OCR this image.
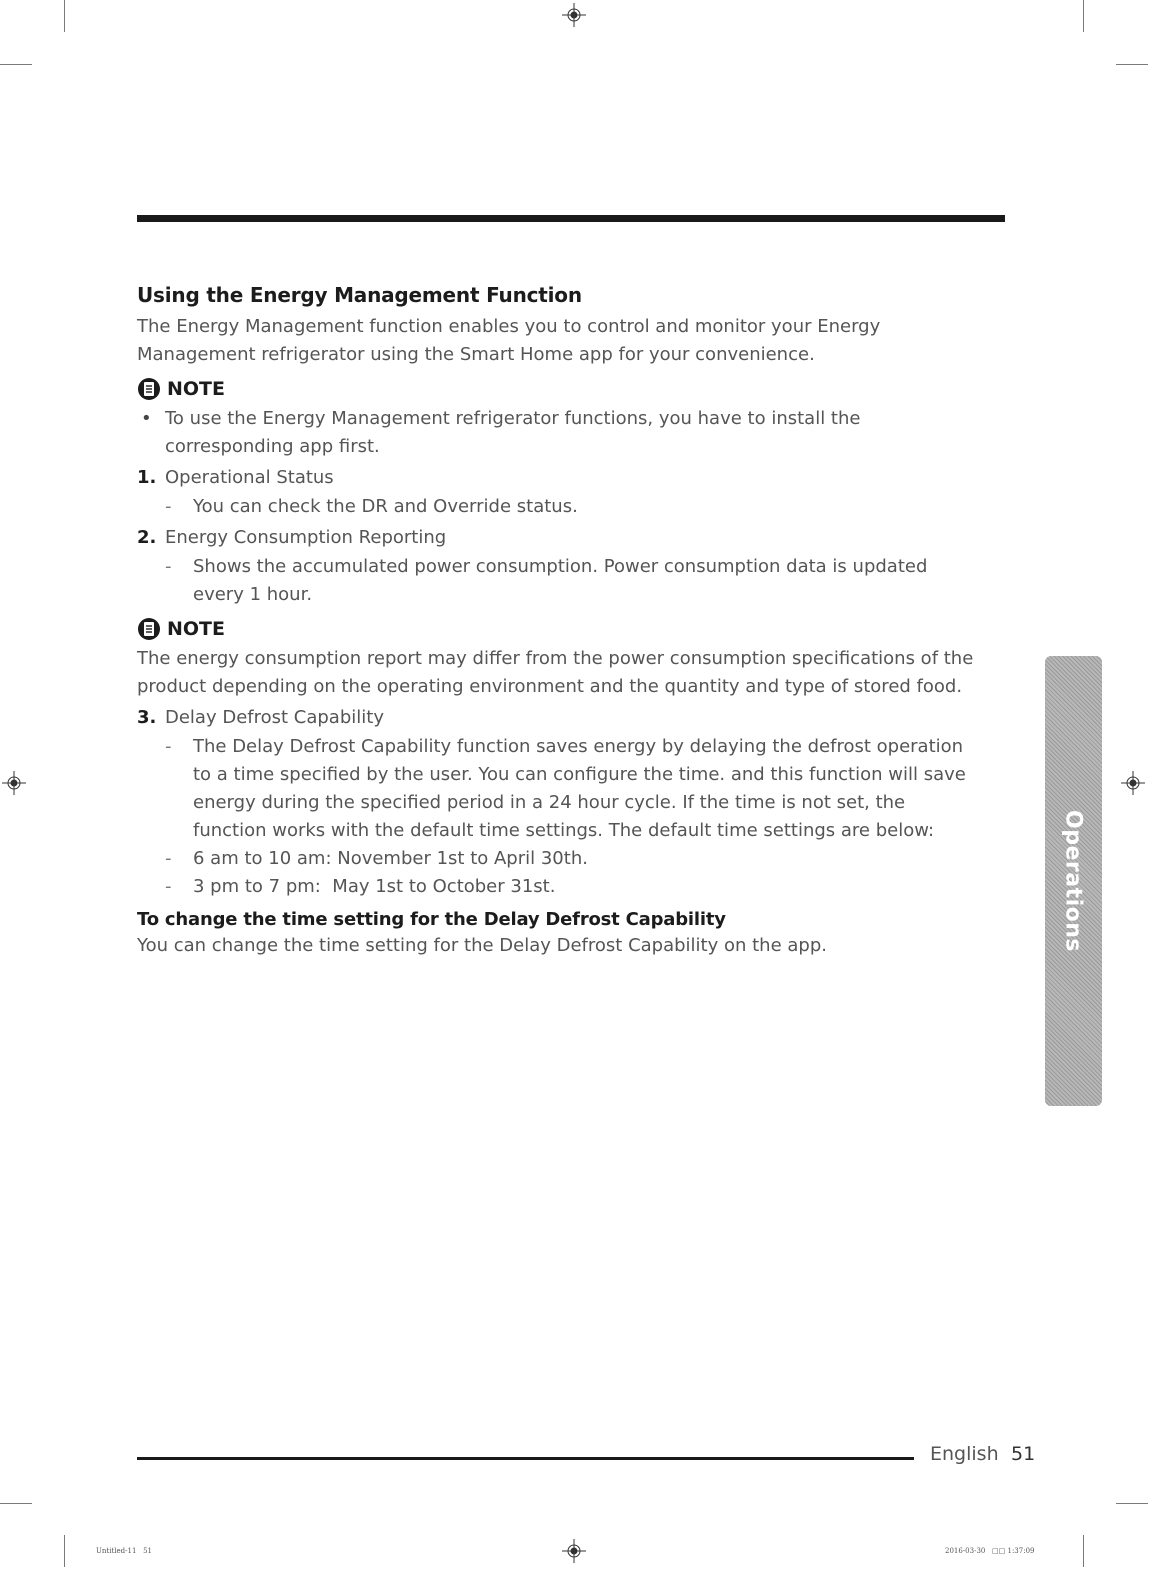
Using the Energy Management Function

The Energy Management function enables you to control and monitor your Energy Management refrigerator using the Smart Home app for your convenience.

NOTE
• To use the Energy Management refrigerator functions, you have to install the corresponding app first.

1. Operational Status
-	You can check the DR and Override status.
2. Energy Consumption Reporting
-	Shows the accumulated power consumption. Power consumption data is updated every 1 hour.
NOTE

The energy consumption report may differ from the power consumption specifications of the product depending on the operating environment and the quantity and type of stored food.

3. Delay Defrost Capability
-	The Delay Defrost Capability function saves energy by delaying the defrost operation to a time specified by the user. You can configure the time. and this function will save energy during the specified period in a 24 hour cycle. If the time is not set, the function works with the default time settings. The default time settings are below:
-	6 am to 10 am: November 1st to April 30th.
-	3 pm to 7 pm:  May 1st to October 31st.
To change the time setting for the Delay Defrost Capability

You can change the time setting for the Delay Defrost Capability on the app.	Operations
English 51
Untitled-11   51	2016-03-30   □□ 1:37:09
